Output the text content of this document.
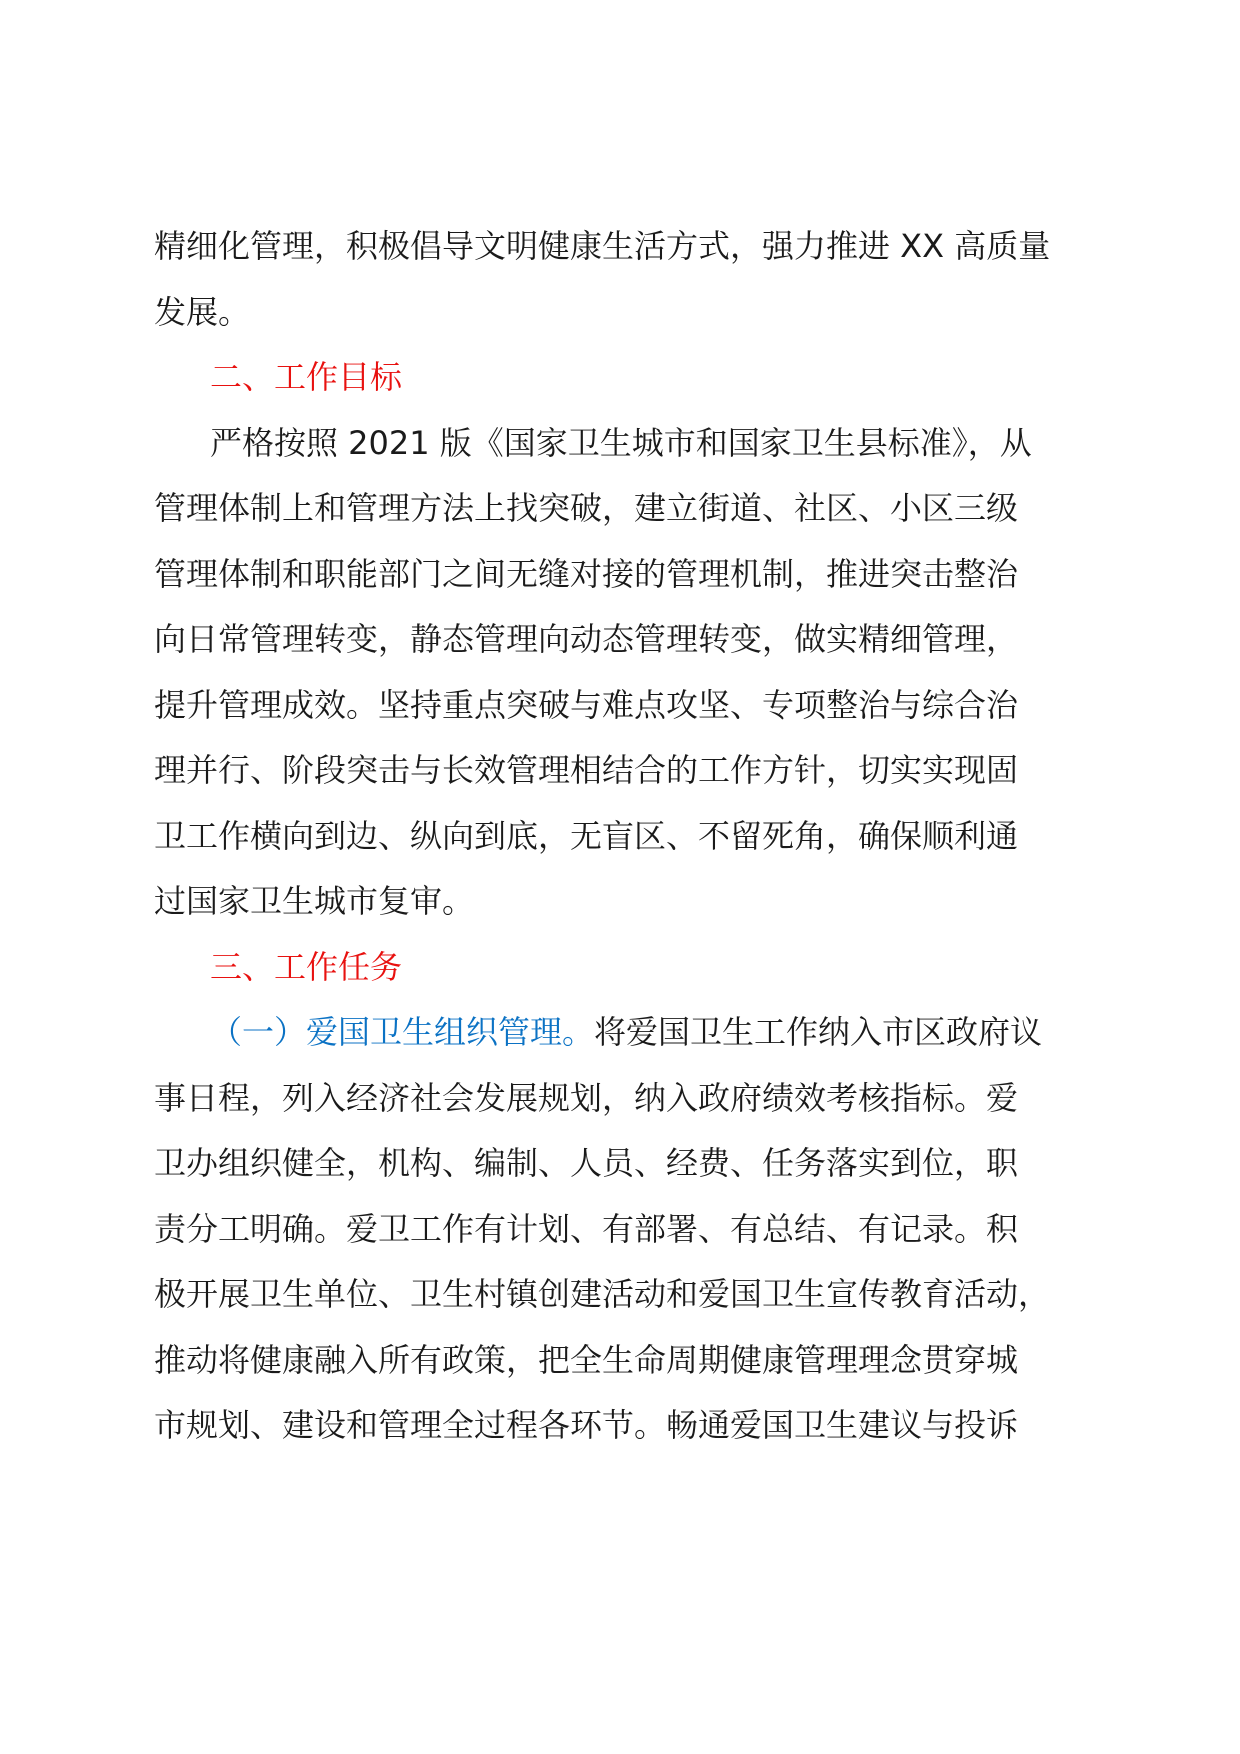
精细化管理，积极倡导文明健康生活方式，强力推进 XX 高质量
发展。
二、工作目标
严格按照 2021 版《国家卫生城市和国家卫生县标准》，从
管理体制上和管理方法上找突破，建立街道、社区、小区三级
管理体制和职能部门之间无缝对接的管理机制，推进突击整治
向日常管理转变，静态管理向动态管理转变，做实精细管理，
提升管理成效。坚持重点突破与难点攻坚、专项整治与综合治
理并行、阶段突击与长效管理相结合的工作方针，切实实现固
卫工作横向到边、纵向到底，无盲区、不留死角，确保顺利通
过国家卫生城市复审。
三、工作任务
（一）爱国卫生组织管理。将爱国卫生工作纳入市区政府议
事日程，列入经济社会发展规划，纳入政府绩效考核指标。爱
卫办组织健全，机构、编制、人员、经费、任务落实到位，职
责分工明确。爱卫工作有计划、有部署、有总结、有记录。积
极开展卫生单位、卫生村镇创建活动和爱国卫生宣传教育活动，
推动将健康融入所有政策，把全生命周期健康管理理念贯穿城
市规划、建设和管理全过程各环节。畅通爱国卫生建议与投诉
